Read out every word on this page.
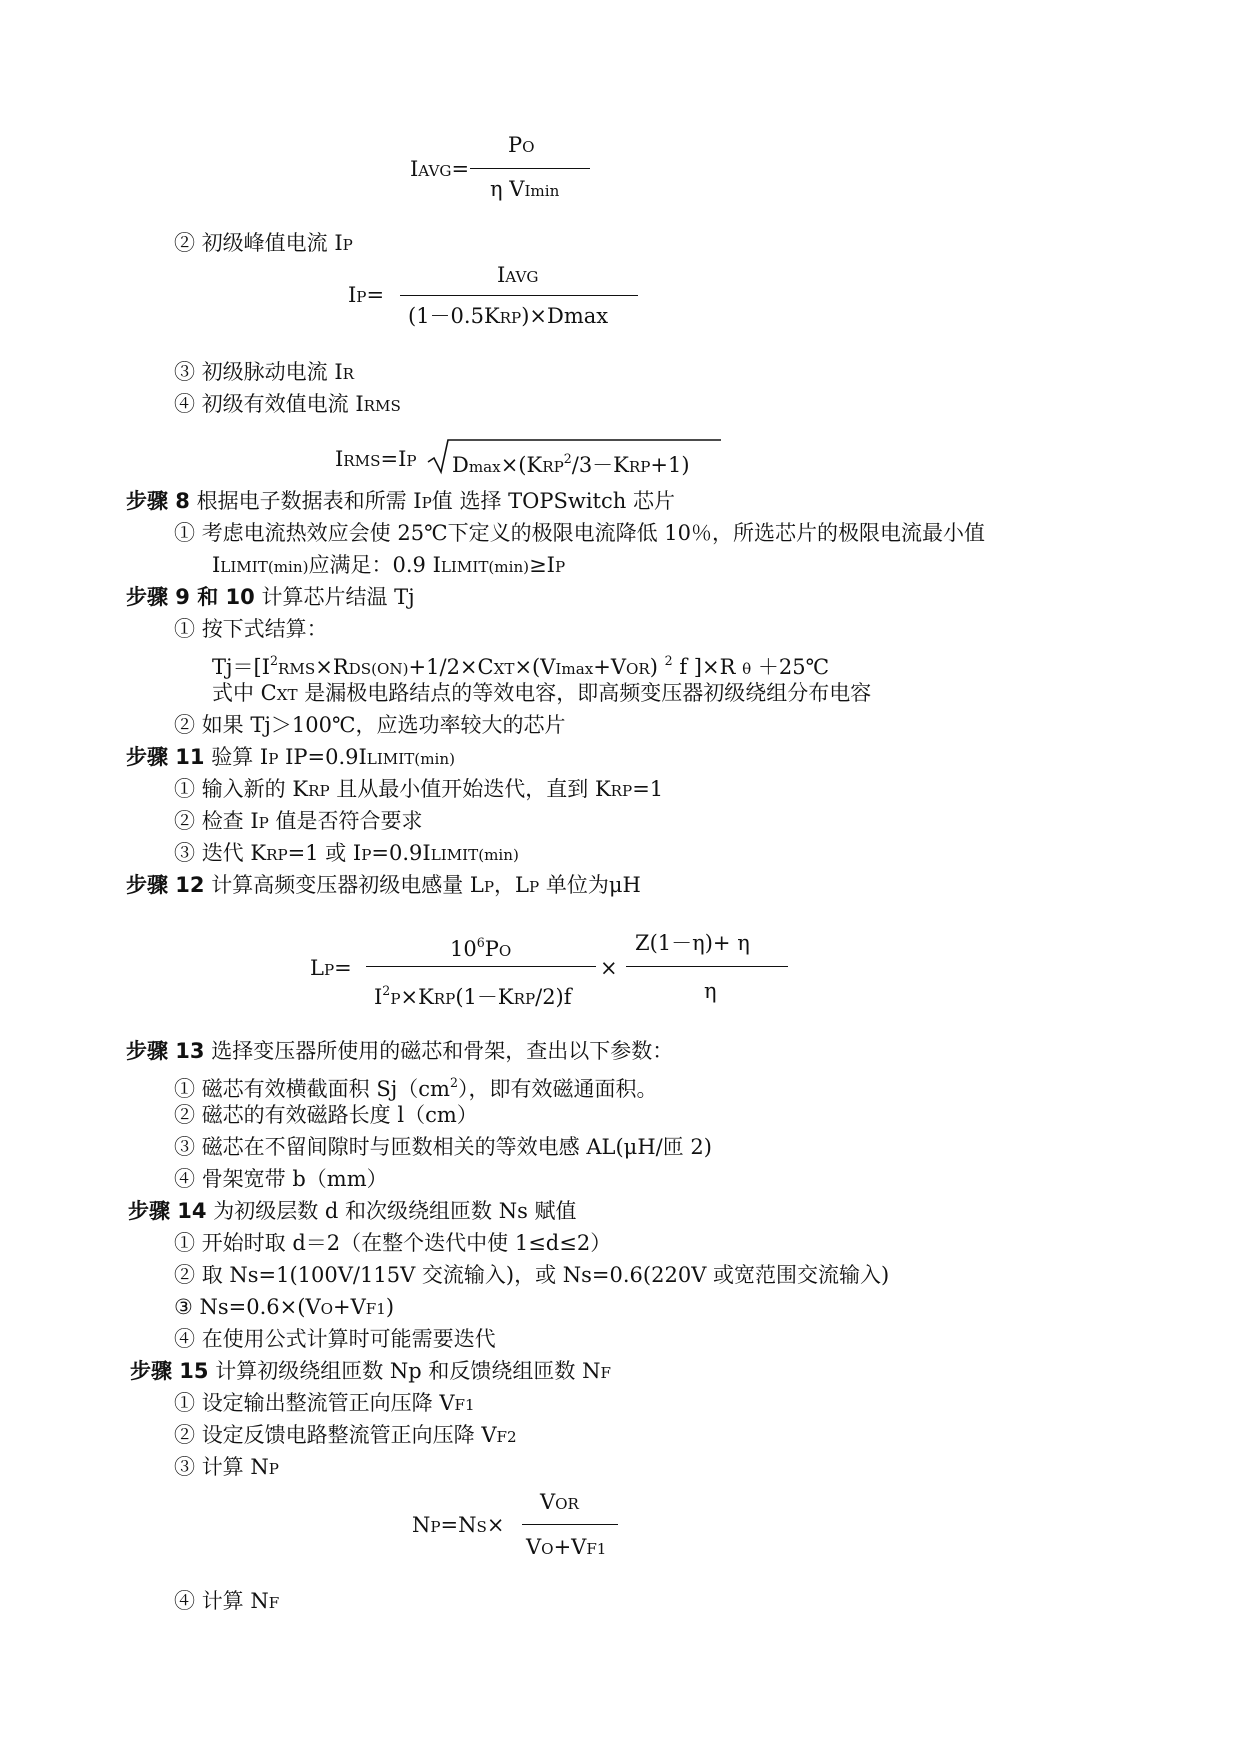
PO
IAVG=
η VImin
② 初级峰值电流 IP
IAVG
IP=
(1－0.5KRP)×Dmax
③ 初级脉动电流 IR
④ 初级有效值电流 IRMS
IRMS=IP $Dmax\times(KRP^2/3-KRP+1)$
步骤 8 根据电子数据表和所需 IP值 选择 TOPSwitch 芯片
① 考虑电流热效应会使 25℃下定义的极限电流降低 10％，所选芯片的极限电流最小值
ILIMIT(min)应满足：0.9 ILIMIT(min)≥IP
步骤 9 和 10 计算芯片结温 Tj
① 按下式结算：
$Tj=[I^2RMS\times RDS(ON)+1/2\times CXT\times(VImax+VOR)$ $^2$ f ]×R θ ＋25℃
式中 CXT 是漏极电路结点的等效电容，即高频变压器初级绕组分布电容
② 如果 Tj＞100℃，应选功率较大的芯片
步骤 11 验算 IP IP=0.9ILIMIT(min)
① 输入新的 KRP 且从最小值开始迭代，直到 KRP=1
② 检查 IP 值是否符合要求
③ 迭代 KRP=1 或 IP=0.9ILIMIT(min)
步骤 12 计算高频变压器初级电感量 LP，LP 单位为μH
$10^6PO$
LP=
$I^2P\times KRP(1-KRP/2)f$
×
Z(1－η)+ η
η
步骤 13 选择变压器所使用的磁芯和骨架，查出以下参数：
① 磁芯有效横截面积 $Sj(cm^2)$，即有效磁通面积。
② 磁芯的有效磁路长度 l（cm）
③ 磁芯在不留间隙时与匝数相关的等效电感 AL(μH/匝 2)
④ 骨架宽带 b（mm）
步骤 14 为初级层数 d 和次级绕组匝数 Ns 赋值
① 开始时取 d＝2（在整个迭代中使 1≤d≤2）
② 取 Ns=1(100V/115V 交流输入)，或 Ns=0.6(220V 或宽范围交流输入)
③ Ns=0.6×(VO+VF1)
④ 在使用公式计算时可能需要迭代
步骤 15 计算初级绕组匝数 Np 和反馈绕组匝数 NF
① 设定输出整流管正向压降 VF1
② 设定反馈电路整流管正向压降 VF2
③ 计算 NP
VOR
NP=NS×
VO+VF1
④ 计算 NF
